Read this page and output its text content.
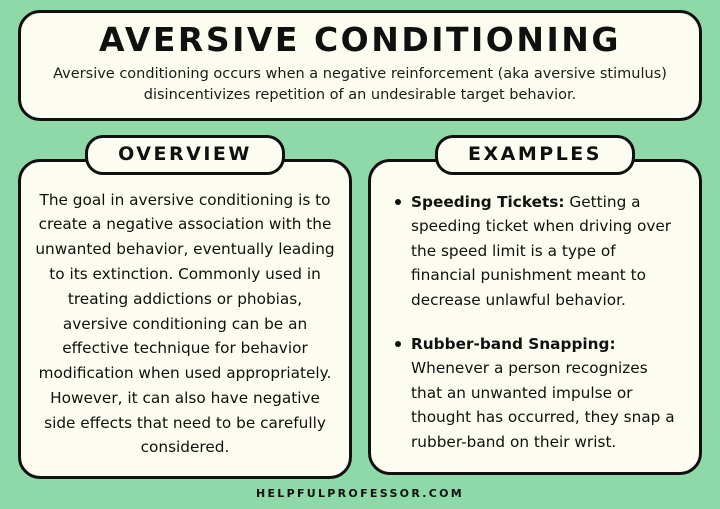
AVERSIVE CONDITIONING
Aversive conditioning occurs when a negative reinforcement (aka aversive stimulus) disincentivizes repetition of an undesirable target behavior.
OVERVIEW
The goal in aversive conditioning is to create a negative association with the unwanted behavior, eventually leading to its extinction. Commonly used in treating addictions or phobias, aversive conditioning can be an effective technique for behavior modification when used appropriately. However, it can also have negative side effects that need to be carefully considered.
EXAMPLES
Speeding Tickets: Getting a speeding ticket when driving over the speed limit is a type of financial punishment meant to decrease unlawful behavior.
Rubber-band Snapping: Whenever a person recognizes that an unwanted impulse or thought has occurred, they snap a rubber-band on their wrist.
HELPFULPROFESSOR.COM
